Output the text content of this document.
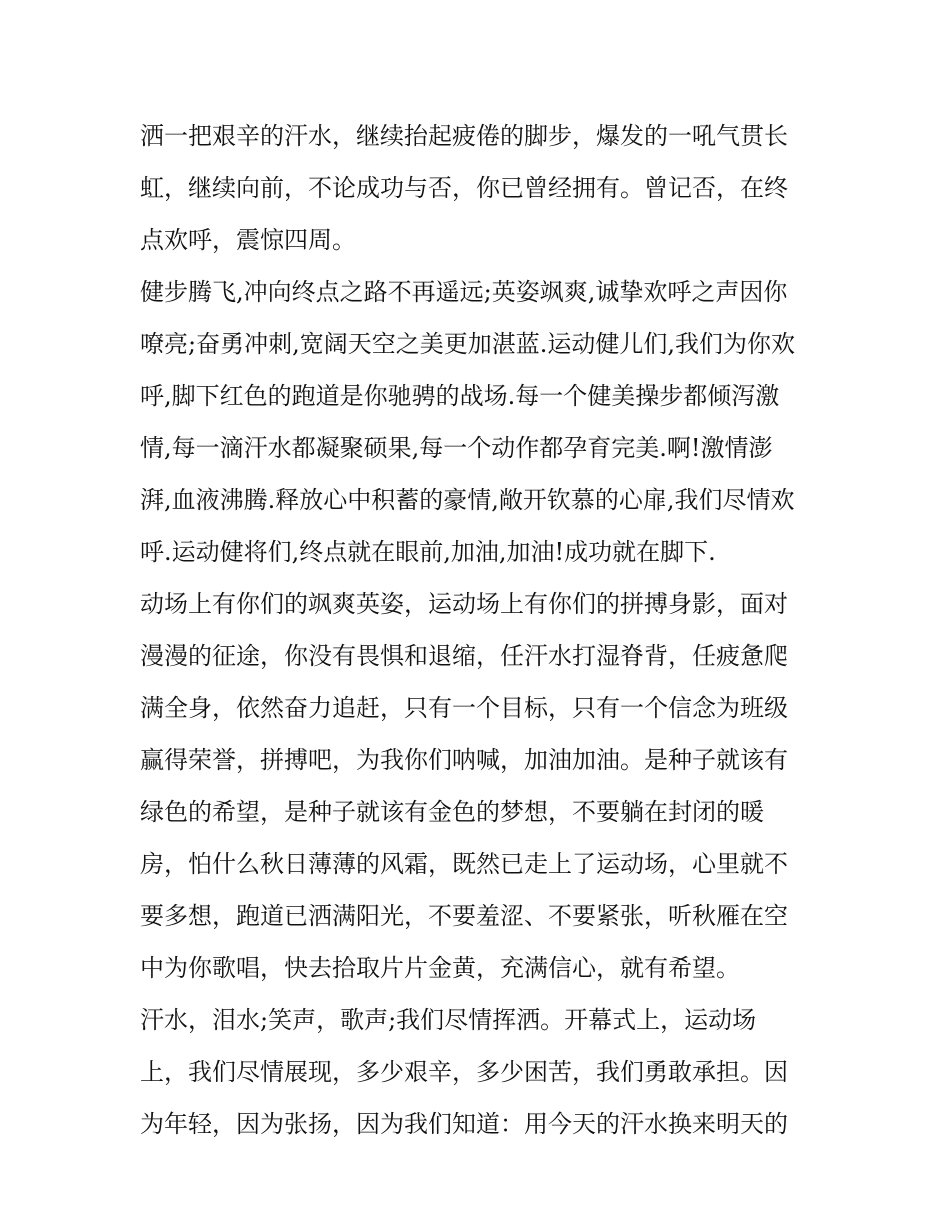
洒一把艰辛的汗水，继续抬起疲倦的脚步，爆发的一吼气贯长
虹，继续向前，不论成功与否，你已曾经拥有。曾记否，在终
点欢呼，震惊四周。
健步腾飞,冲向终点之路不再遥远;英姿飒爽,诚挚欢呼之声因你
嘹亮;奋勇冲刺,宽阔天空之美更加湛蓝.运动健儿们,我们为你欢
呼,脚下红色的跑道是你驰骋的战场.每一个健美操步都倾泻激
情,每一滴汗水都凝聚硕果,每一个动作都孕育完美.啊!激情澎
湃,血液沸腾.释放心中积蓄的豪情,敞开钦慕的心扉,我们尽情欢
呼.运动健将们,终点就在眼前,加油,加油!成功就在脚下.
动场上有你们的飒爽英姿，运动场上有你们的拼搏身影，面对
漫漫的征途，你没有畏惧和退缩，任汗水打湿脊背，任疲惫爬
满全身，依然奋力追赶，只有一个目标，只有一个信念为班级
赢得荣誉，拼搏吧，为我你们呐喊，加油加油。是种子就该有
绿色的希望，是种子就该有金色的梦想，不要躺在封闭的暖
房，怕什么秋日薄薄的风霜，既然已走上了运动场，心里就不
要多想，跑道已洒满阳光，不要羞涩、不要紧张，听秋雁在空
中为你歌唱，快去拾取片片金黄，充满信心，就有希望。
汗水，泪水;笑声，歌声;我们尽情挥洒。开幕式上，运动场
上，我们尽情展现，多少艰辛，多少困苦，我们勇敢承担。因
为年轻，因为张扬，因为我们知道：用今天的汗水换来明天的
